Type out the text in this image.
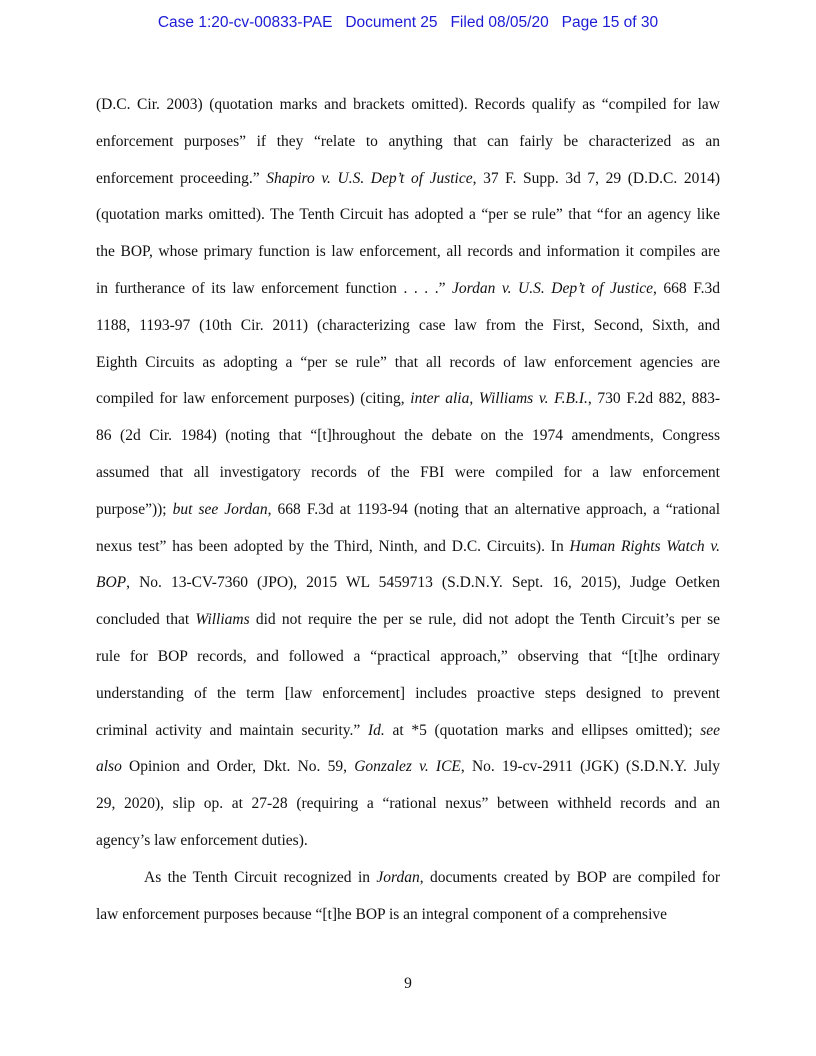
Case 1:20-cv-00833-PAE   Document 25   Filed 08/05/20   Page 15 of 30
(D.C. Cir. 2003) (quotation marks and brackets omitted). Records qualify as “compiled for law
enforcement purposes” if they “relate to anything that can fairly be characterized as an
enforcement proceeding.” Shapiro v. U.S. Dep’t of Justice, 37 F. Supp. 3d 7, 29 (D.D.C. 2014)
(quotation marks omitted). The Tenth Circuit has adopted a “per se rule” that “for an agency like
the BOP, whose primary function is law enforcement, all records and information it compiles are
in furtherance of its law enforcement function . . . .” Jordan v. U.S. Dep’t of Justice, 668 F.3d
1188, 1193-97 (10th Cir. 2011) (characterizing case law from the First, Second, Sixth, and
Eighth Circuits as adopting a “per se rule” that all records of law enforcement agencies are
compiled for law enforcement purposes) (citing, inter alia, Williams v. F.B.I., 730 F.2d 882, 883-
86 (2d Cir. 1984) (noting that “[t]hroughout the debate on the 1974 amendments, Congress
assumed that all investigatory records of the FBI were compiled for a law enforcement
purpose”)); but see Jordan, 668 F.3d at 1193-94 (noting that an alternative approach, a “rational
nexus test” has been adopted by the Third, Ninth, and D.C. Circuits). In Human Rights Watch v.
BOP, No. 13-CV-7360 (JPO), 2015 WL 5459713 (S.D.N.Y. Sept. 16, 2015), Judge Oetken
concluded that Williams did not require the per se rule, did not adopt the Tenth Circuit’s per se
rule for BOP records, and followed a “practical approach,” observing that “[t]he ordinary
understanding of the term [law enforcement] includes proactive steps designed to prevent
criminal activity and maintain security.” Id. at *5 (quotation marks and ellipses omitted); see
also Opinion and Order, Dkt. No. 59, Gonzalez v. ICE, No. 19-cv-2911 (JGK) (S.D.N.Y. July
29, 2020), slip op. at 27-28 (requiring a “rational nexus” between withheld records and an
agency’s law enforcement duties).
As the Tenth Circuit recognized in Jordan, documents created by BOP are compiled for
law enforcement purposes because “[t]he BOP is an integral component of a comprehensive
9
